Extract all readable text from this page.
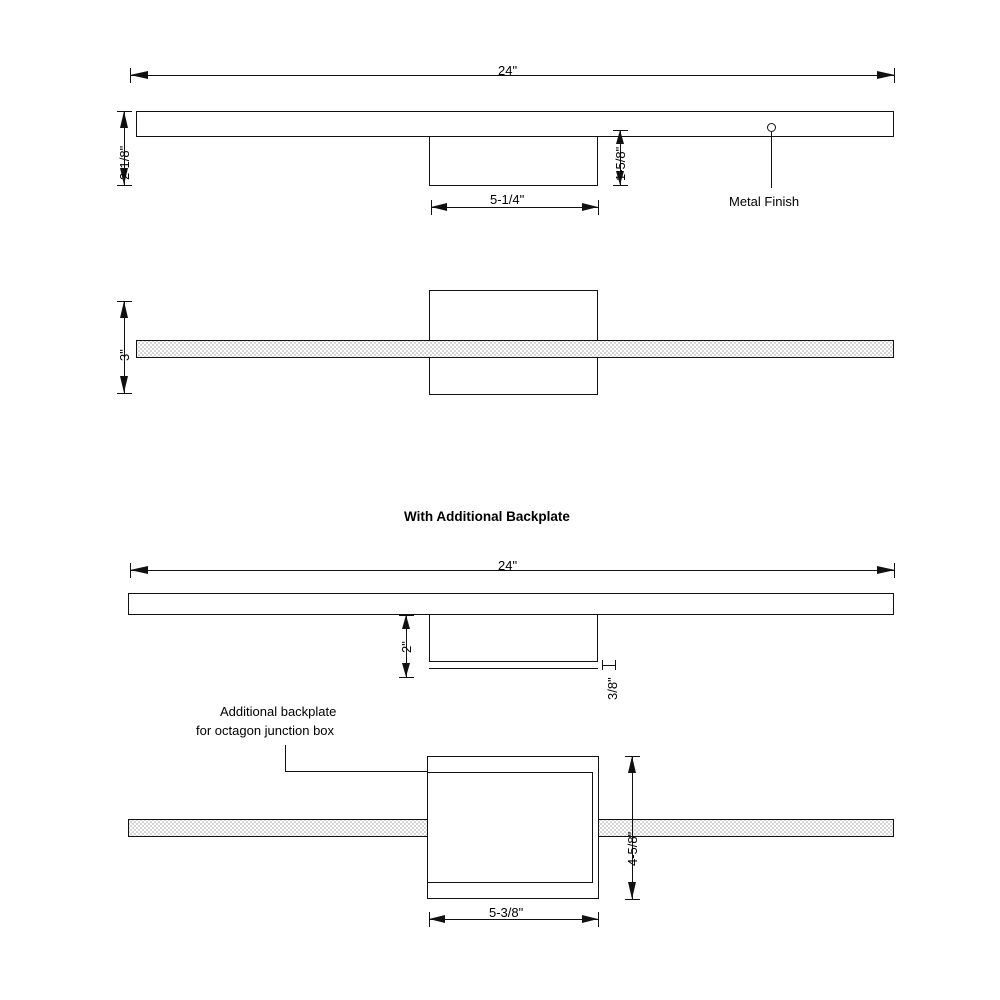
24"
2-1/8"	1-5/8"
5-1/4"	Metal Finish
3"
With Additional Backplate
24"
2"
3/8"
Additional backplate
for octagon junction box
4-5/8"
5-3/8"
